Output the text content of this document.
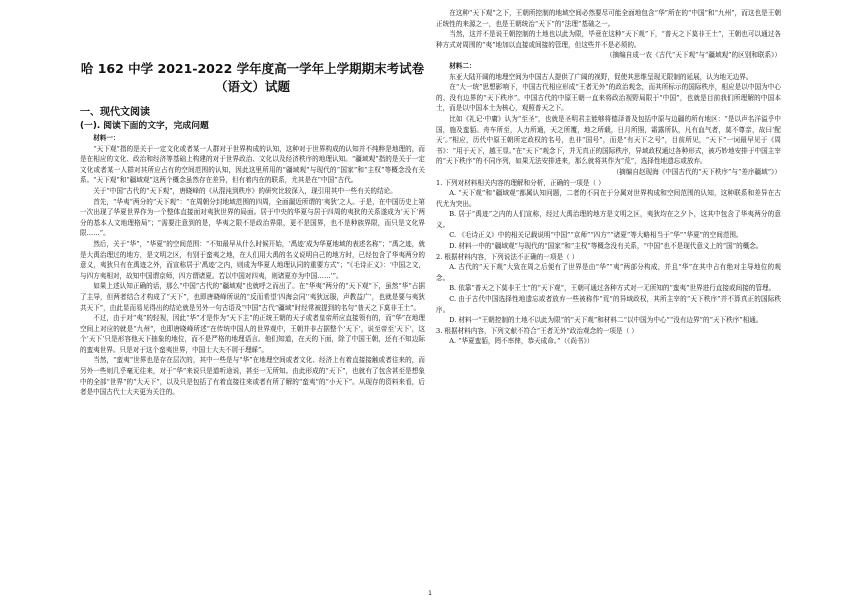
哈 162 中学 2021-2022 学年度高一学年上学期期末考试卷
（语文）试题

一、现代文阅读

(一). 阅读下面的文字，完成问题

材料一：

“天下观”指的是关于一定文化或者某一人群对于世界构成的认知，这种对于世界构成的认知并不纯粹是地理的，而是在相应的文化、政治和经济等基础上构建的对于世界政治、文化以及经济秩序的地理认知。“疆域观”指的是关于一定文化或者某一人群对其所应占有的空间范围的认知，因此这里所用的“疆域观”与现代的“国家”和“主权”等概念没有关系。“天下观”和“疆域观”这两个概念虽然存在差异，但有着内在的联系，尤其是在“中国”古代。

关于“中国”古代的“天下观”，唐晓峰的《从混沌到秩序》的研究比较深入，现引用其中一些有关的结论。

首先，“华夷”两分的“天下观”：“在周朝分封地域范围的四周，全面漏近所谓的‘夷狄’之人。于是，在中国历史上第一次出现了华夏世界作为一个整体直接面对夷狄世界的局面。居于中央的华夏与居于四周的夷狄的关系遂成为‘天下’两分的基本人文地理格局”；“需要注意到的是，华夷之限不是政治界限，更不是国界，也不是种族界限，而只是文化界限……”。

然后，关于“华”，“华夏”的空间范围：“不知最早从什么时候开始，‘禹迹’成为华夏地域的表述名称”；“禹之迹，就是大禹治理过的地方，是文明之区，有别于蛮夷之地，在人们用大禹的名义说明自己的地方时，已经包含了华夷两分的意义，夷狄只有在禹迹之外，而宣称居于‘禹迹’之内，则成为华夏人地理认同的重要方式”；“《毛诗正义》：‘中国之文，与四方夷相对，故知中国谓京师，四方谓诸夏。若以中国对四夷，则诸夏亦为中国……’”。

如果上述认知正确的话，那么“中国”古代的“疆域观”也就呼之而出了。在“华夷”两分的“天下观”下，虽然“华”占据了主导，但两者结合才构成了“天下”，也即唐晓峰所说的“反而希望‘四海会同’‘夷狄远服，声教益广’，也就是要与夷狄共天下”，由此显而易见得出的结论就是另外一句古语及“中国”古代“疆域”时经常被提到的名句“普天之下莫非王土”。

不过，由于对“夷”的轻视，因此“华”才是作为“天下主”的正统王朝的天子或者皇帝所应直接领有的，而“华”在地理空间上对应的就是“九州”，也即唐晓峰所述“在传统中国人的世界观中，王朝并非占据整个‘天下’，说至帝至‘天下’，这个‘天下’只是形容他天下抽象的地位，而不是严格的地理语言。他们知道，在天的下面，除了中国王朝，还有不知边际的蛮夷世界。只是对于这个蛮夷世界，中国士大夫不屑于理睬”。

当然，“蛮夷”世界也是存在层次的，其中一些是与“华”在地理空间或者文化、经济上有着直接接触或者往来的，而另外一些则几乎毫无往来，对于“华”来说只是道听途说，甚至一无所知。由此形成的“天下”，也就有了包含甚至是想象中的全部“世界”的“大天下”，以及只是包括了有着直接往来或者有所了解的“蛮夷”的“小天下”。从现存的资料来看，后者是中国古代士大夫更为关注的。

在这种“天下观”之下，王朝所控制的地域空间必然要尽可能全面地包含“华”所在的“中国”和“九州”，而这也是王朝正统性的来源之一，也是王朝统治“天下”的“法理”基础之一。

当然，这并不是说王朝控制的土地也以此为限，毕竟在这种“天下观”下，“普天之下莫非王土”，王朝也可以通过各种方式对周围的“夷”地加以直接或间接的管理，但这些并不是必须的。

（摘编自成一农《古代“天下观”与“疆域观”的区别和联系》）

材料二：

东亚大陆开阔的地理空间为中国古人提供了广阔的视野，促使其思维呈现无限制的延展，认为地无边界。

在“大一统”思想影响下，中国古代相应形成“王者无外”的政治观念，而其所标示的国际秩序，相应是以中国为中心的、没有边界的“天下秩序”。中国古代的中原王朝一直来将政治视野局限于“中国”，也就是目前我们所理解的中国本土，而是以中国本土为核心，观照普天之下。

比如《礼记·中庸》认为“至圣”，也就是圣明君主能够将德泽普及包括中原与边疆的所有地区：“是以声名洋溢乎中国，施及蛮貊。舟车所至，人力所通，天之所覆，地之所载，日月所照，霜露所队，凡有血气者，莫不尊亲，故曰‘配天’。”相应，历代中原王朝所定政权的名号，也非“国号”，而是“有天下之号”，目前所见，“天下”一词最早见于《周书》：“用于天下，越王显。”在“天下”观念下，并无真正的国际秩序，异域政权通过各种形式，被巧妙地安排于中国主宰的“天下秩序”的不同序列，如果无法安排进来，那么就将其作为“荒”，选择性地遗忘或放弃。

（摘编自赵现海《中国古代的“天下秩序”与“差序疆域”》）

1. 下列对材料相关内容的理解和分析，正确的一项是（ ）

A. “天下观”和“疆域观”都属认知问题，二者的不同在于分属对世界构成和空间范围的认知，这种联系和差异在古代尤为突出。

B. 居于“禹迹”之内的人们宣称，经过大禹治理的地方是文明之区，夷狄均在之夕卜，这其中包含了华夷两分的意义。

C. 《毛诗正义》中的相关记载说明“中国”“京师”“四方”“诸夏”等大略相当于“华”“华夏”的空间范围。

D. 材料一中的“疆域观”与现代的“国家”和“主权”等概念没有关系，“中国”也不是现代意义上的“国”的概念。

2. 根据材料内容，下列说法不正确的一项是（ ）

A. 古代的“天下观”大致在周之后便有了世界是由“华”“夷”两部分构成，并且“华”在其中占有绝对主导地位的观念。

B. 依靠“普天之下莫非王土”的“天下观”，王朝可通过各种方式对一无所知的“蛮夷”世界进行直接或间接的管理。

C. 由于古代中国选择性地遗忘或者放弃一些被称作“荒”的异域政权，其所主宰的“天下秩序”并不算真正的国际秩序。

D. 材料一“王朝控制的土地不以此为限”的“天下观”和材料二“以中国为中心”“没有边界”的“天下秩序”相通。

3. 根据材料内容，下列文献不符合“王者无外”政治观念的一项是（ ）

A. “华夏蛮貊，罔不率俾，恭天成命。”（《尚书》）

1
